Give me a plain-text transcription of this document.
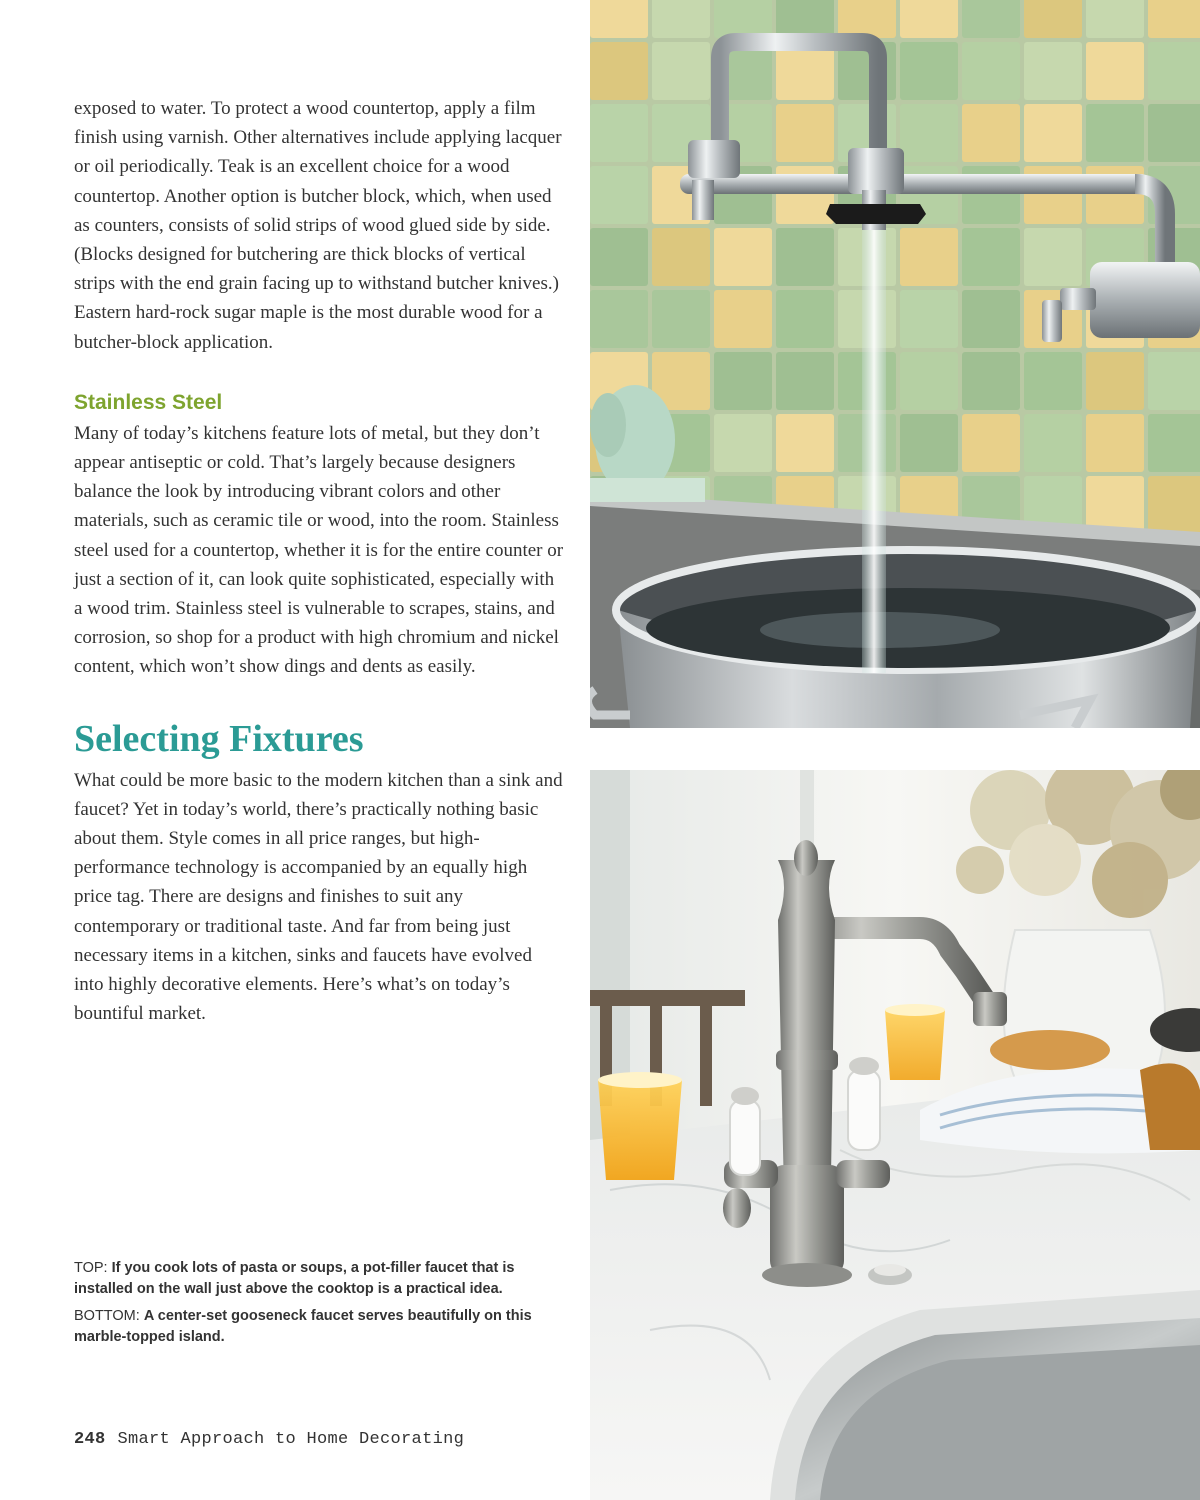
exposed to water. To protect a wood countertop, apply a film finish using varnish. Other alternatives include applying lacquer or oil periodically. Teak is an excellent choice for a wood countertop. Another option is butcher block, which, when used as counters, consists of solid strips of wood glued side by side. (Blocks designed for butchering are thick blocks of vertical strips with the end grain facing up to withstand butcher knives.) Eastern hard-rock sugar maple is the most durable wood for a butcher-block application.

Stainless Steel

Many of today’s kitchens feature lots of metal, but they don’t appear antiseptic or cold. That’s largely because designers balance the look by introducing vibrant colors and other materials, such as ceramic tile or wood, into the room. Stainless steel used for a countertop, whether it is for the entire counter or just a section of it, can look quite sophisticated, especially with a wood trim. Stainless steel is vulnerable to scrapes, stains, and corrosion, so shop for a product with high chromium and nickel content, which won’t show dings and dents as easily.

Selecting Fixtures

What could be more basic to the modern kitchen than a sink and faucet? Yet in today’s world, there’s practically nothing basic about them. Style comes in all price ranges, but high-performance technology is accompanied by an equally high price tag. There are designs and finishes to suit any contemporary or traditional taste. And far from being just necessary items in a kitchen, sinks and faucets have evolved into highly decorative elements. Here’s what’s on today’s bountiful market.

TOP: If you cook lots of pasta or soups, a pot-filler faucet that is installed on the wall just above the cooktop is a practical idea.

BOTTOM: A center-set gooseneck faucet serves beautifully on this marble-topped island.

248 Smart Approach to Home Decorating
